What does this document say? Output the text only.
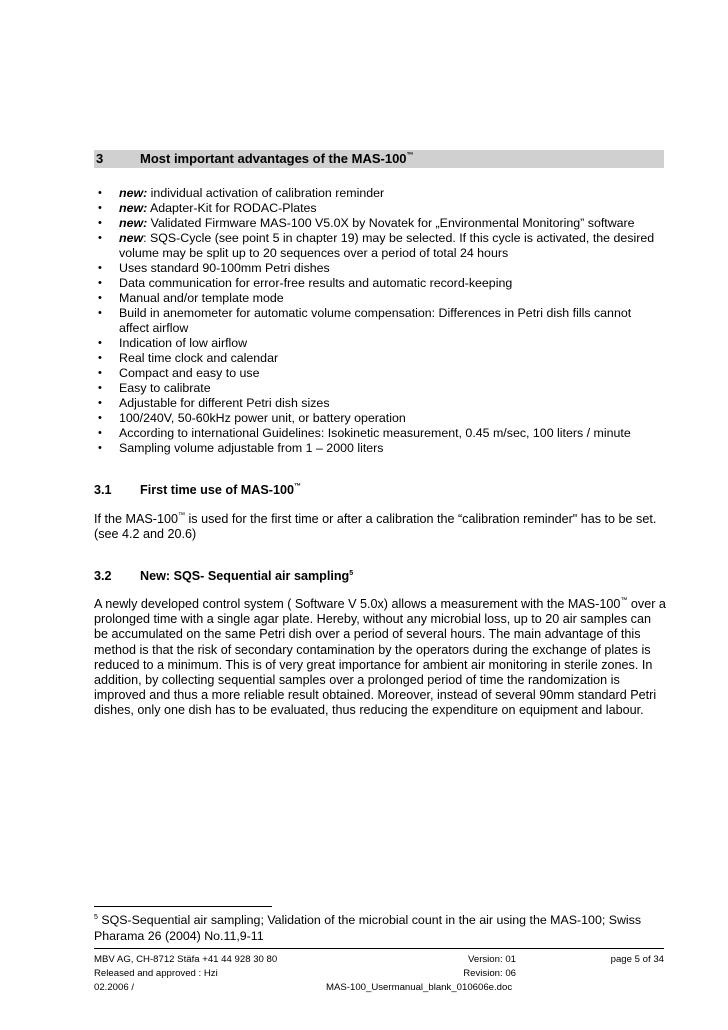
3	Most important advantages of the MAS-100™
• new: individual activation of calibration reminder
• new: Adapter-Kit for RODAC-Plates
• new: Validated Firmware MAS-100 V5.0X by Novatek for „Environmental Monitoring” software
• new: SQS-Cycle (see point 5 in chapter 19) may be selected. If this cycle is activated, the desired volume may be split up to 20 sequences over a period of total 24 hours
• Uses standard 90-100mm Petri dishes
• Data communication for error-free results and automatic record-keeping
• Manual and/or template mode
• Build in anemometer for automatic volume compensation: Differences in Petri dish fills cannot affect airflow
• Indication of low airflow
• Real time clock and calendar
• Compact and easy to use
• Easy to calibrate
• Adjustable for different Petri dish sizes
• 100/240V, 50-60kHz power unit, or battery operation
• According to international Guidelines: Isokinetic measurement, 0.45 m/sec, 100 liters / minute
• Sampling volume adjustable from 1 – 2000 liters
3.1 First time use of MAS-100™

If the MAS-100™ is used for the first time or after a calibration the “calibration reminder" has to be set. (see 4.2 and 20.6)

3.2 New: SQS- Sequential air sampling$^5$

A newly developed control system ( Software V 5.0x) allows a measurement with the MAS-100™ over a prolonged time with a single agar plate. Hereby, without any microbial loss, up to 20 air samples can be accumulated on the same Petri dish over a period of several hours. The main advantage of this method is that the risk of secondary contamination by the operators during the exchange of plates is reduced to a minimum. This is of very great importance for ambient air monitoring in sterile zones. In addition, by collecting sequential samples over a prolonged period of time the randomization is improved and thus a more reliable result obtained. Moreover, instead of several 90mm standard Petri dishes, only one dish has to be evaluated, thus reducing the expenditure on equipment and labour.

$^5$ SQS-Sequential air sampling; Validation of the microbial count in the air using the MAS-100; Swiss Pharama 26 (2004) No.11,9-11

MBV AG, CH-8712 Stäfa +41 44 928 30 80	Version: 01	page 5 of 34
Released and approved : Hzi	Revision: 06
02.2006 /	MAS-100_Usermanual_blank_010606e.doc
